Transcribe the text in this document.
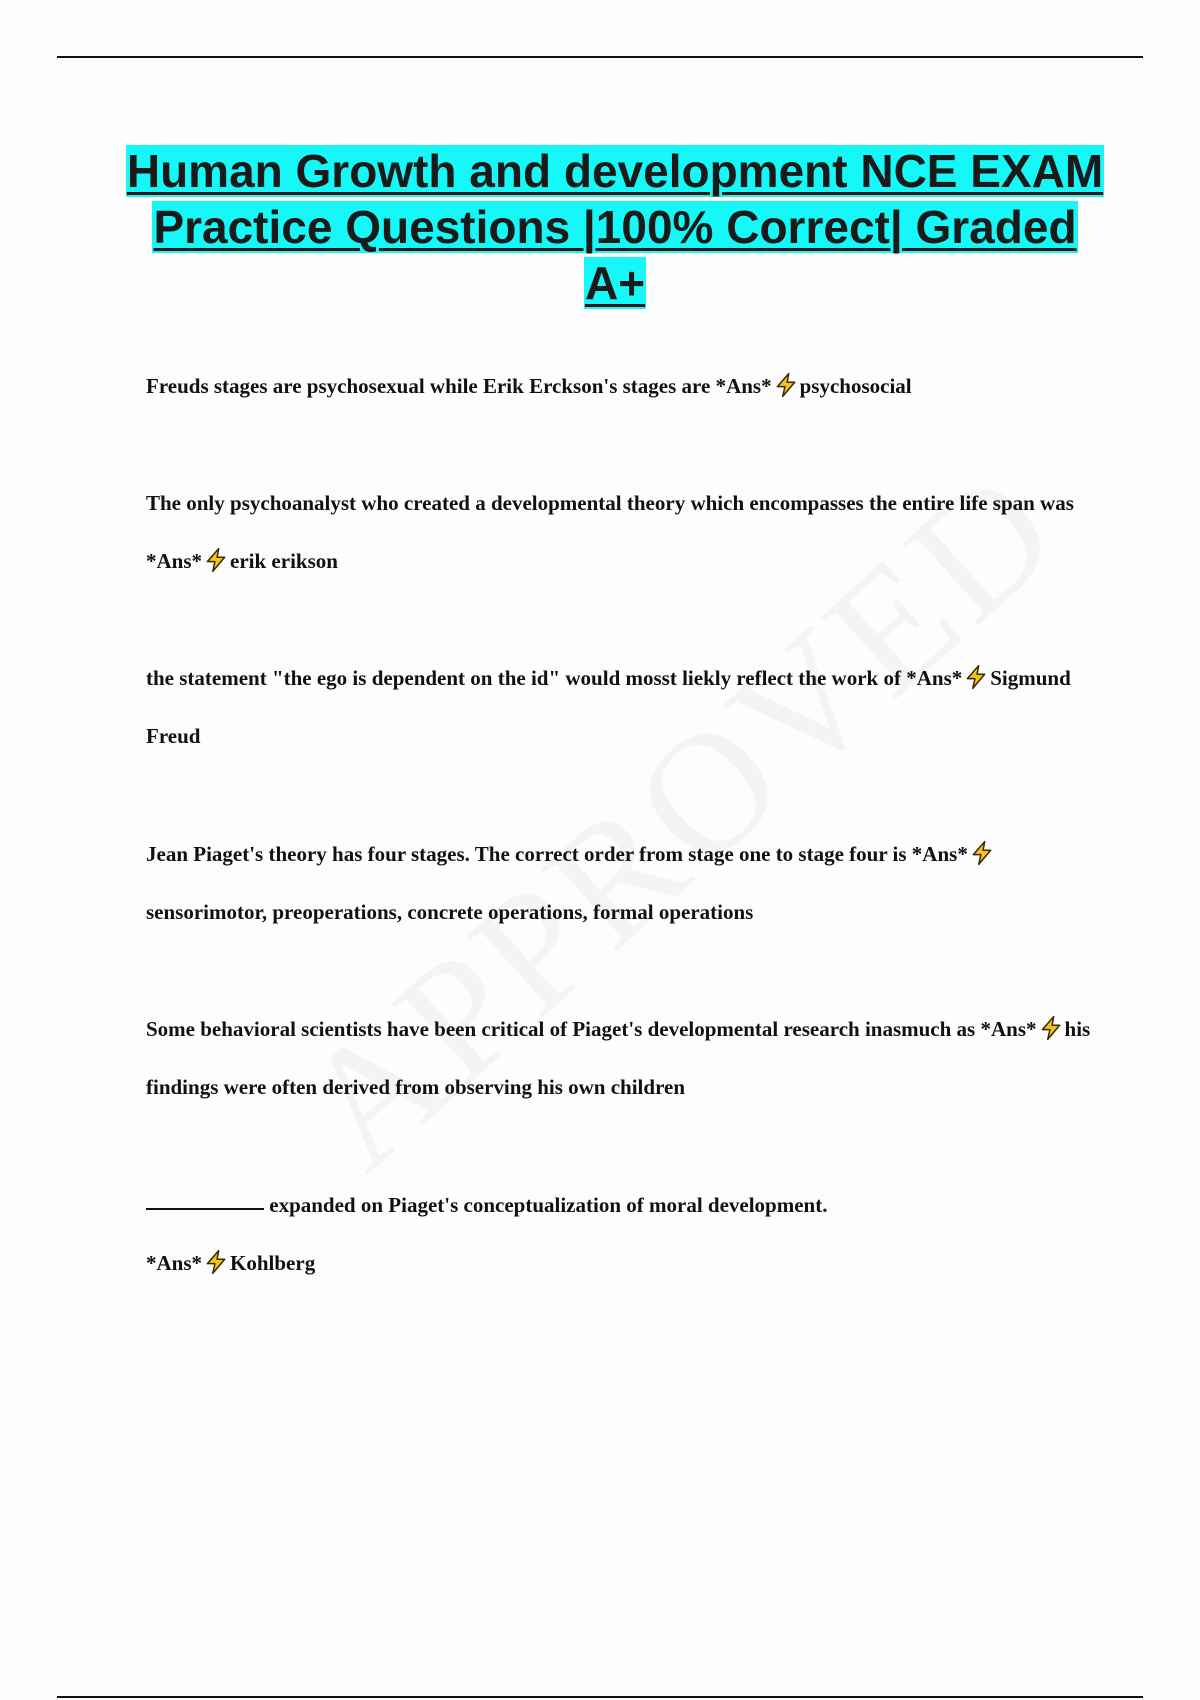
Human Growth and development NCE EXAM Practice Questions |100% Correct| Graded A+
Freuds stages are psychosexual while Erik Erckson's stages are *Ans* psychosocial
The only psychoanalyst who created a developmental theory which encompasses the entire life span was *Ans* erik erikson
the statement "the ego is dependent on the id" would mosst liekly reflect the work of *Ans* Sigmund Freud
Jean Piaget's theory has four stages. The correct order from stage one to stage four is *Ans*sensorimotor, preoperations, concrete operations, formal operations
Some behavioral scientists have been critical of Piaget's developmental research inasmuch as *Ans* his findings were often derived from observing his own children
expanded on Piaget's conceptualization of moral development.
*Ans* Kohlberg
